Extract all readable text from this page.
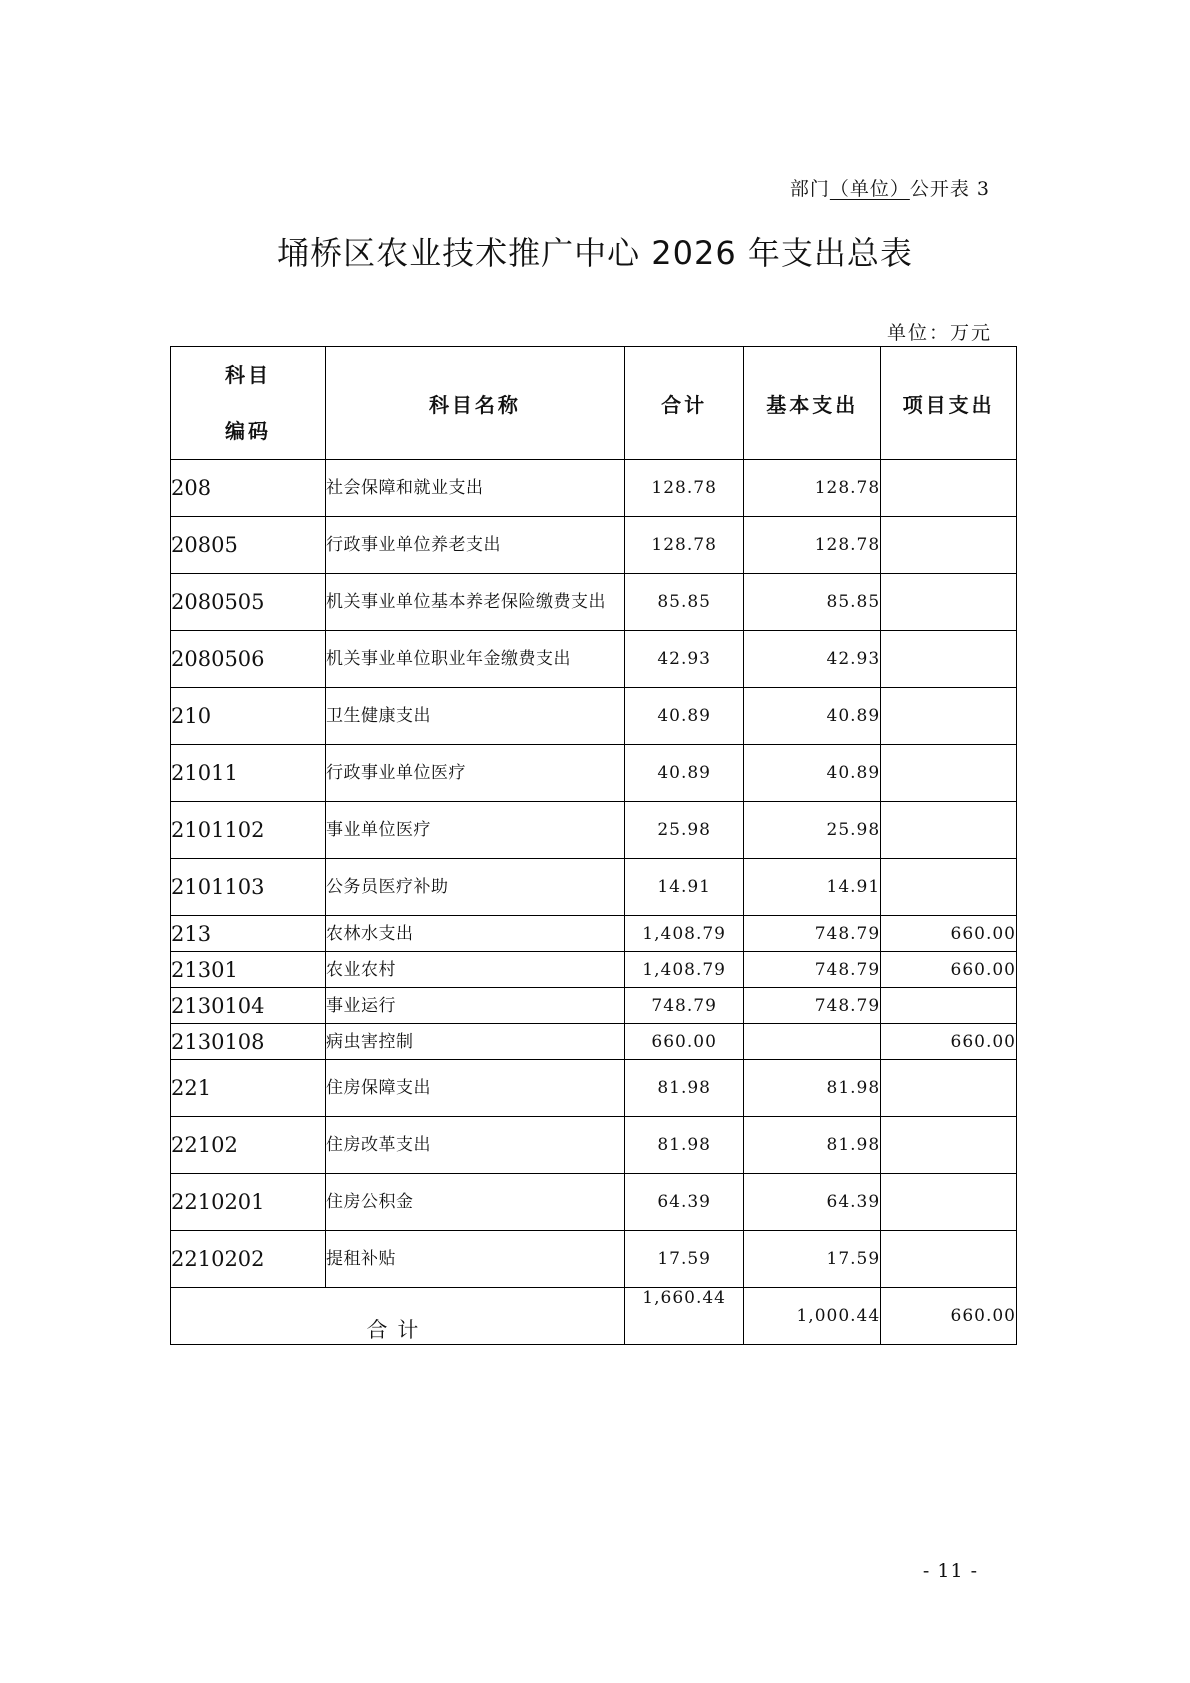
部门（单位）公开表 3
埇桥区农业技术推广中心 2026 年支出总表
单位：万元
科目
编码	科目名称	合计	基本支出	项目支出
208	社会保障和就业支出	128.78	128.78	
20805	行政事业单位养老支出	128.78	128.78	
2080505	机关事业单位基本养老保险缴费支出	85.85	85.85	
2080506	机关事业单位职业年金缴费支出	42.93	42.93	
210	卫生健康支出	40.89	40.89	
21011	行政事业单位医疗	40.89	40.89	
2101102	事业单位医疗	25.98	25.98	
2101103	公务员医疗补助	14.91	14.91	
213	农林水支出	1,408.79	748.79	660.00
21301	农业农村	1,408.79	748.79	660.00
2130104	事业运行	748.79	748.79	
2130108	病虫害控制	660.00		660.00
221	住房保障支出	81.98	81.98	
22102	住房改革支出	81.98	81.98	
2210201	住房公积金	64.39	64.39	
2210202	提租补贴	17.59	17.59	
合计		1,660.44	1,000.44	660.00
- 11 -
